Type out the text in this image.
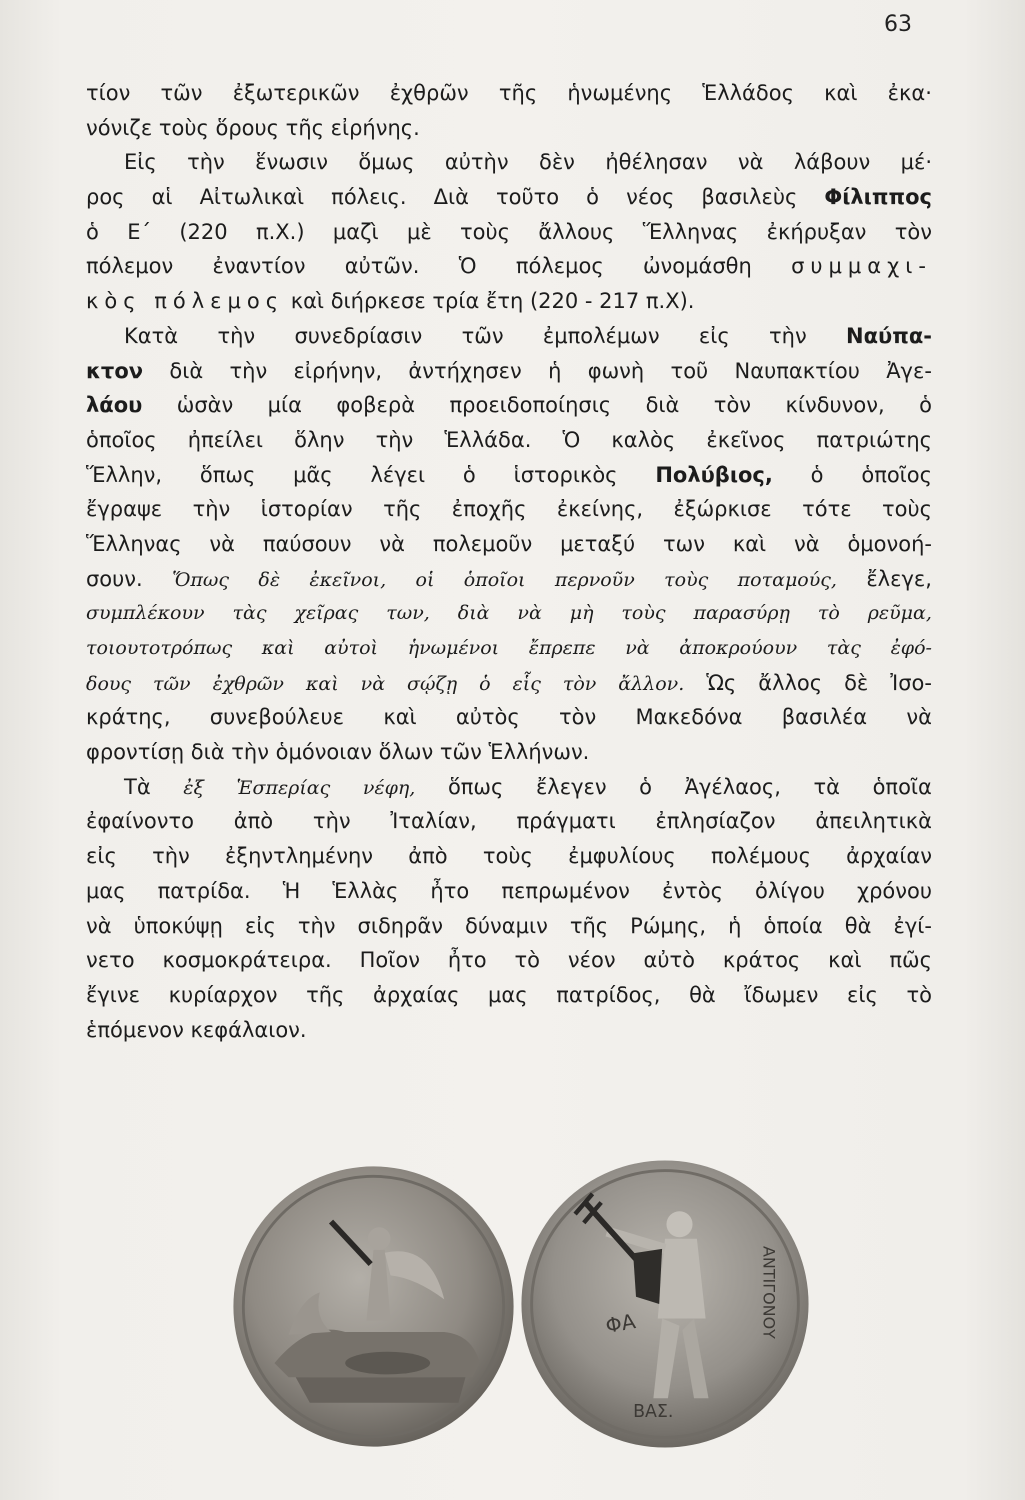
63
τίον τῶν ἐξωτερικῶν ἐχθρῶν τῆς ἡνωμένης Ἑλλάδος καὶ ἐκα·
νόνιζε τοὺς ὅρους τῆς εἰρήνης.
Εἰς τὴν ἕνωσιν ὅμως αὐτὴν δὲν ἠθέλησαν νὰ λάβουν μέ·
ρος αἱ Αἰτωλικαὶ πόλεις. Διὰ τοῦτο ὁ νέος βασιλεὺς Φίλιππος
ὁ Ε΄ (220 π.Χ.) μαζὶ μὲ τοὺς ἄλλους Ἕλληνας ἐκήρυξαν τὸν
πόλεμον ἐναντίον αὐτῶν. Ὁ πόλεμος ὠνομάσθη συμμαχι-
κὸς πόλεμος καὶ διήρκεσε τρία ἔτη (220 - 217 π.Χ).
Κατὰ τὴν συνεδρίασιν τῶν ἐμπολέμων εἰς τὴν Ναύπα-
κτον διὰ τὴν εἰρήνην, ἀντήχησεν ἡ φωνὴ τοῦ Ναυπακτίου Ἀγε-
λάου ὡσὰν μία φοβερὰ προειδοποίησις διὰ τὸν κίνδυνον, ὁ
ὁποῖος ἠπείλει ὅλην τὴν Ἑλλάδα. Ὁ καλὸς ἐκεῖνος πατριώτης
Ἕλλην, ὅπως μᾶς λέγει ὁ ἱστορικὸς Πολύβιος, ὁ ὁποῖος
ἔγραψε τὴν ἱστορίαν τῆς ἐποχῆς ἐκείνης, ἐξώρκισε τότε τοὺς
Ἕλληνας νὰ παύσουν νὰ πολεμοῦν μεταξύ των καὶ νὰ ὁμονοή-
σουν. Ὅπως δὲ ἐκεῖνοι, οἱ ὁποῖοι περνοῦν τοὺς ποταμούς, ἔλεγε,
συμπλέκουν τὰς χεῖρας των, διὰ νὰ μὴ τοὺς παρασύρῃ τὸ ρεῦμα,
τοιουτοτρόπως καὶ αὐτοὶ ἡνωμένοι ἔπρεπε νὰ ἀποκρούουν τὰς ἐφό-
δους τῶν ἐχθρῶν καὶ νὰ σῴζῃ ὁ εἷς τὸν ἄλλον. Ὡς ἄλλος δὲ Ἰσο-
κράτης, συνεβούλευε καὶ αὐτὸς τὸν Μακεδόνα βασιλέα νὰ
φροντίσῃ διὰ τὴν ὁμόνοιαν ὅλων τῶν Ἑλλήνων.
Τὰ ἐξ Ἑσπερίας νέφη, ὅπως ἔλεγεν ὁ Ἀγέλαος, τὰ ὁποῖα
ἐφαίνοντο ἀπὸ τὴν Ἰταλίαν, πράγματι ἐπλησίαζον ἀπειλητικὰ
εἰς τὴν ἐξηντλημένην ἀπὸ τοὺς ἐμφυλίους πολέμους ἀρχαίαν
μας πατρίδα. Ἡ Ἑλλὰς ἦτο πεπρωμένον ἐντὸς ὀλίγου χρόνου
νὰ ὑποκύψῃ εἰς τὴν σιδηρᾶν δύναμιν τῆς Ρώμης, ἡ ὁποία θὰ ἐγί-
νετο κοσμοκράτειρα. Ποῖον ἦτο τὸ νέον αὐτὸ κράτος καὶ πῶς
ἔγινε κυρίαρχον τῆς ἀρχαίας μας πατρίδος, θὰ ἴδωμεν εἰς τὸ
ἑπόμενον κεφάλαιον.
ΦΑ
ΒΑΣ.
ΑΝΤΙΓΟΝΟΥ
